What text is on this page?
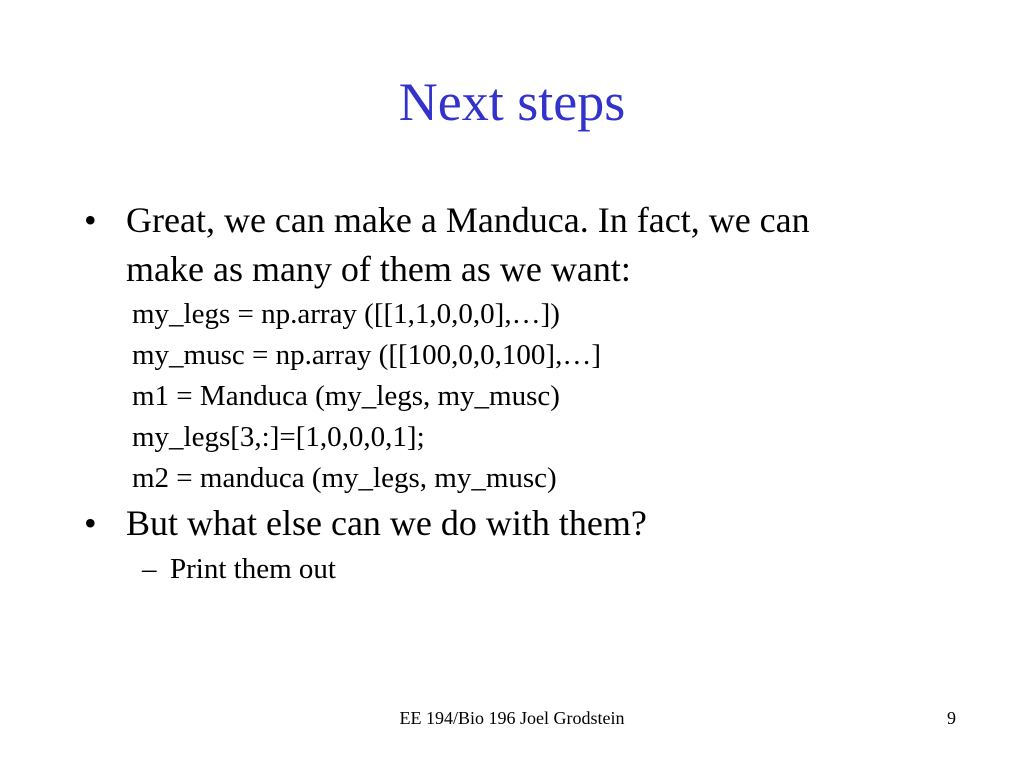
Next steps
• Great, we can make a Manduca. In fact, we can
make as many of them as we want:
my_legs = np.array ([[1,1,0,0,0],…])
my_musc = np.array ([[100,0,0,100],…]
m1 = Manduca (my_legs, my_musc)
my_legs[3,:]=[1,0,0,0,1];
m2 = manduca (my_legs, my_musc)
• But what else can we do with them?
– Print them out
EE 194/Bio 196 Joel Grodstein	9
